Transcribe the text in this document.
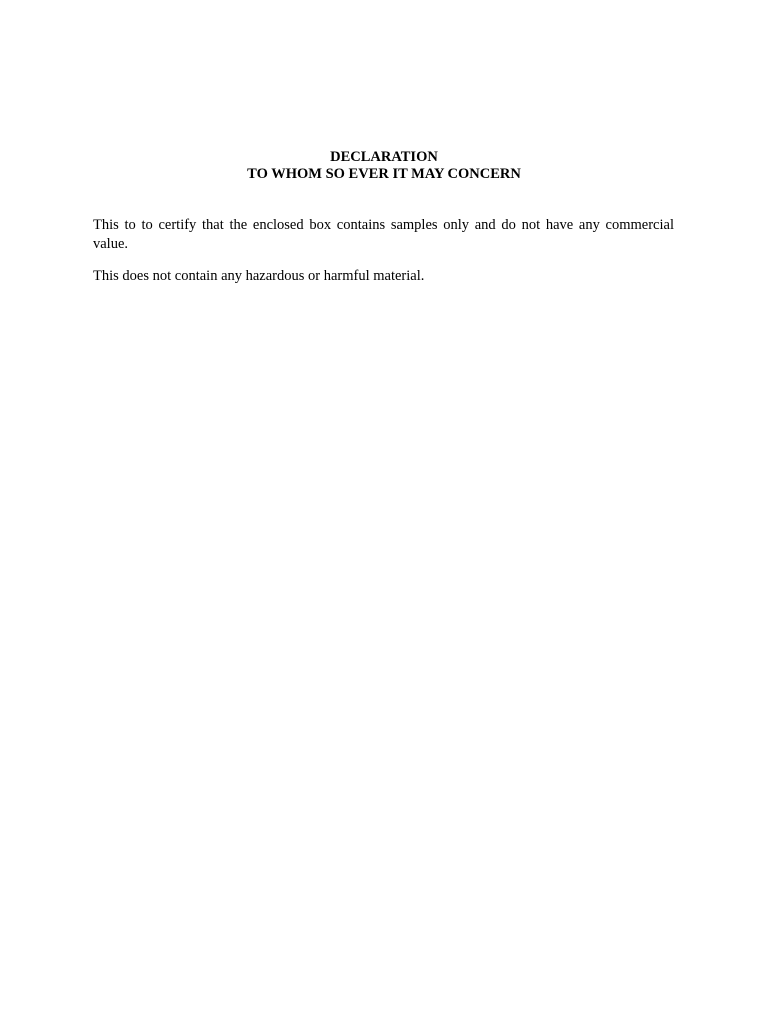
DECLARATION
TO WHOM SO EVER IT MAY CONCERN

This to to certify that the enclosed box contains samples only and do not have any commercial value.

This does not contain any hazardous or harmful material.
